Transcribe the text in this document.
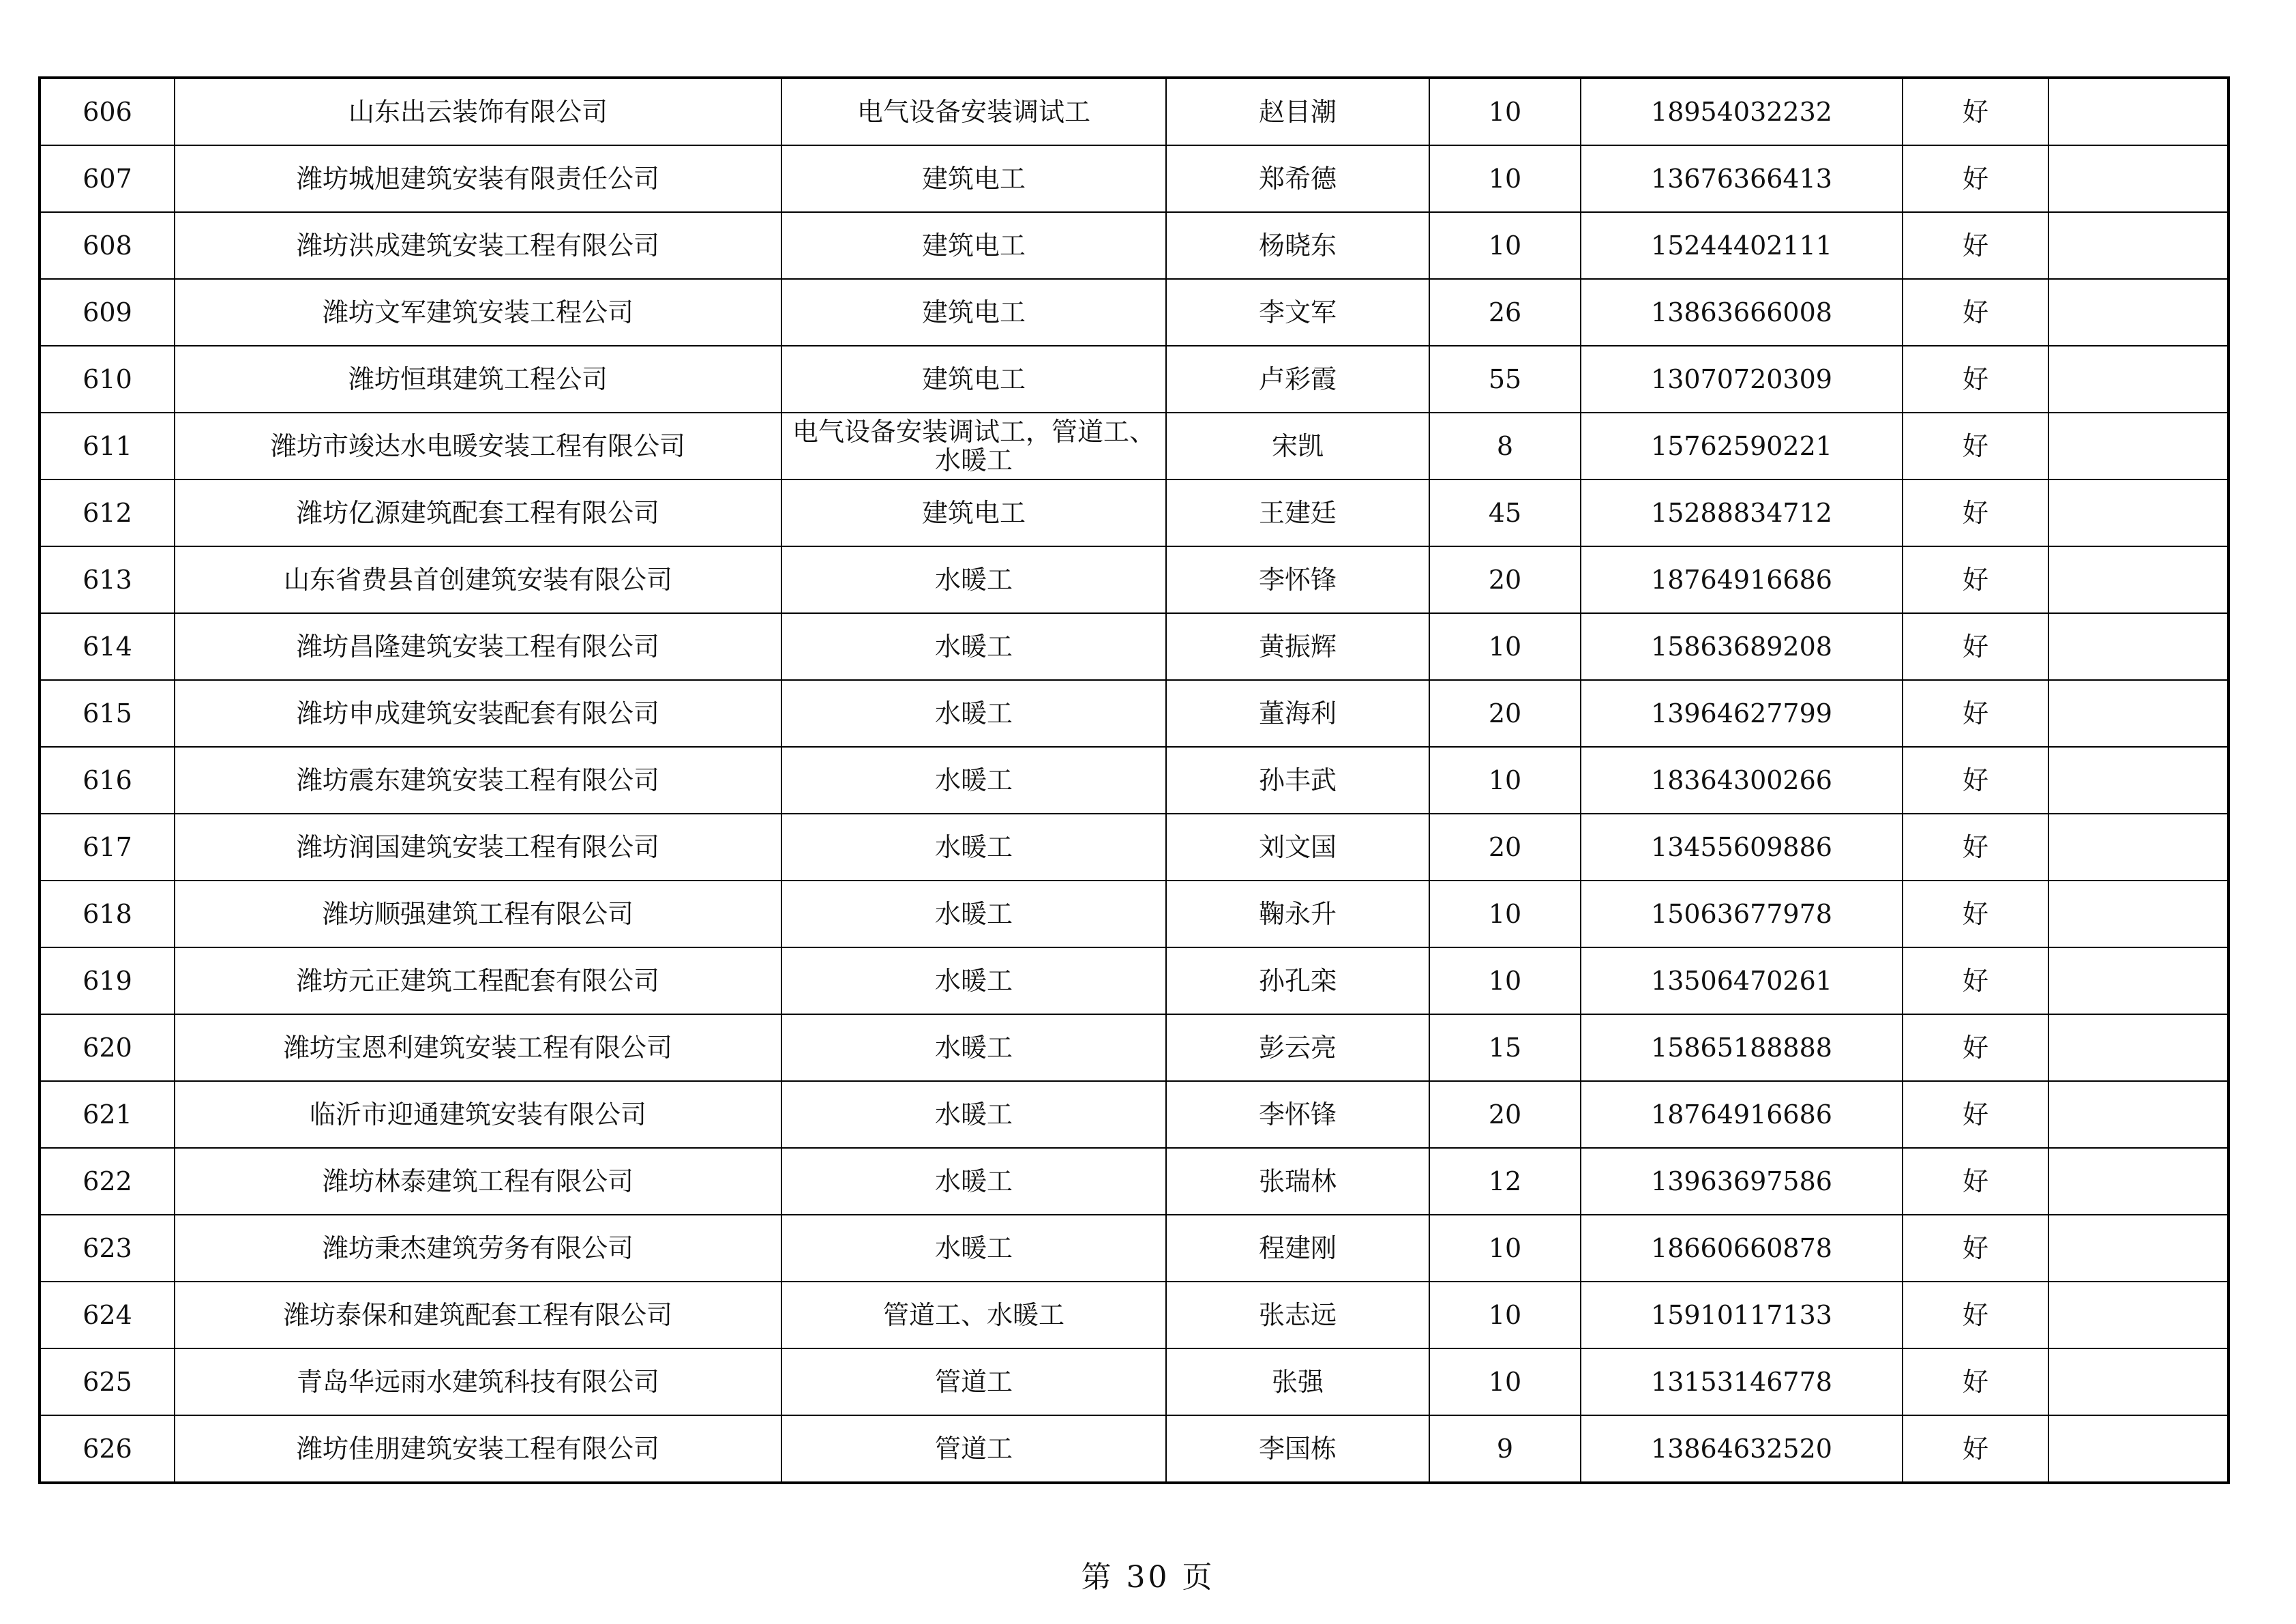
606	山东出云装饰有限公司	电气设备安装调试工	赵目潮	10	18954032232	好	
607	潍坊城旭建筑安装有限责任公司	建筑电工	郑希德	10	13676366413	好	
608	潍坊洪成建筑安装工程有限公司	建筑电工	杨晓东	10	15244402111	好	
609	潍坊文军建筑安装工程公司	建筑电工	李文军	26	13863666008	好	
610	潍坊恒琪建筑工程公司	建筑电工	卢彩霞	55	13070720309	好	
611	潍坊市竣达水电暖安装工程有限公司	电气设备安装调试工，管道工、水暖工	宋凯	8	15762590221	好	
612	潍坊亿源建筑配套工程有限公司	建筑电工	王建廷	45	15288834712	好	
613	山东省费县首创建筑安装有限公司	水暖工	李怀锋	20	18764916686	好	
614	潍坊昌隆建筑安装工程有限公司	水暖工	黄振辉	10	15863689208	好	
615	潍坊申成建筑安装配套有限公司	水暖工	董海利	20	13964627799	好	
616	潍坊震东建筑安装工程有限公司	水暖工	孙丰武	10	18364300266	好	
617	潍坊润国建筑安装工程有限公司	水暖工	刘文国	20	13455609886	好	
618	潍坊顺强建筑工程有限公司	水暖工	鞠永升	10	15063677978	好	
619	潍坊元正建筑工程配套有限公司	水暖工	孙孔栾	10	13506470261	好	
620	潍坊宝恩利建筑安装工程有限公司	水暖工	彭云亮	15	15865188888	好	
621	临沂市迎通建筑安装有限公司	水暖工	李怀锋	20	18764916686	好	
622	潍坊林泰建筑工程有限公司	水暖工	张瑞林	12	13963697586	好	
623	潍坊秉杰建筑劳务有限公司	水暖工	程建刚	10	18660660878	好	
624	潍坊泰保和建筑配套工程有限公司	管道工、水暖工	张志远	10	15910117133	好	
625	青岛华远雨水建筑科技有限公司	管道工	张强	10	13153146778	好	
626	潍坊佳朋建筑安装工程有限公司	管道工	李国栋	9	13864632520	好	
第 30 页
